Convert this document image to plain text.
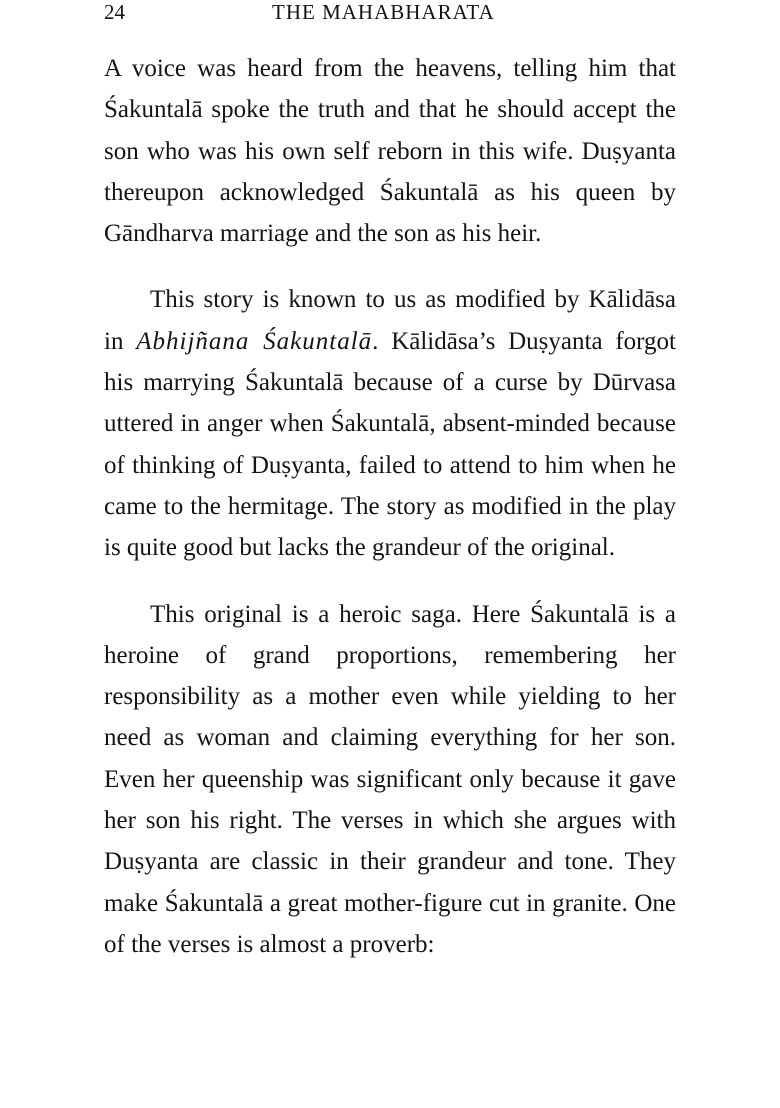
24	THE MAHABHARATA

A voice was heard from the heavens, telling him that Śakuntalā spoke the truth and that he should accept the son who was his own self reborn in this wife. Duṣyanta thereupon acknowledged Śakuntalā as his queen by Gāndharva marriage and the son as his heir.

This story is known to us as modified by Kālidāsa in Abhijñana Śakuntalā. Kālidāsa’s Duṣyanta forgot his marrying Śakuntalā because of a curse by Dūrvasa uttered in anger when Śakuntalā, absent-minded because of thinking of Duṣyanta, failed to attend to him when he came to the hermitage. The story as modified in the play is quite good but lacks the grandeur of the original.

This original is a heroic saga. Here Śakuntalā is a heroine of grand proportions, remembering her responsibility as a mother even while yielding to her need as woman and claiming everything for her son. Even her queenship was significant only because it gave her son his right. The verses in which she argues with Duṣyanta are classic in their grandeur and tone. They make Śakuntalā a great mother-figure cut in granite. One of the verses is almost a proverb:
